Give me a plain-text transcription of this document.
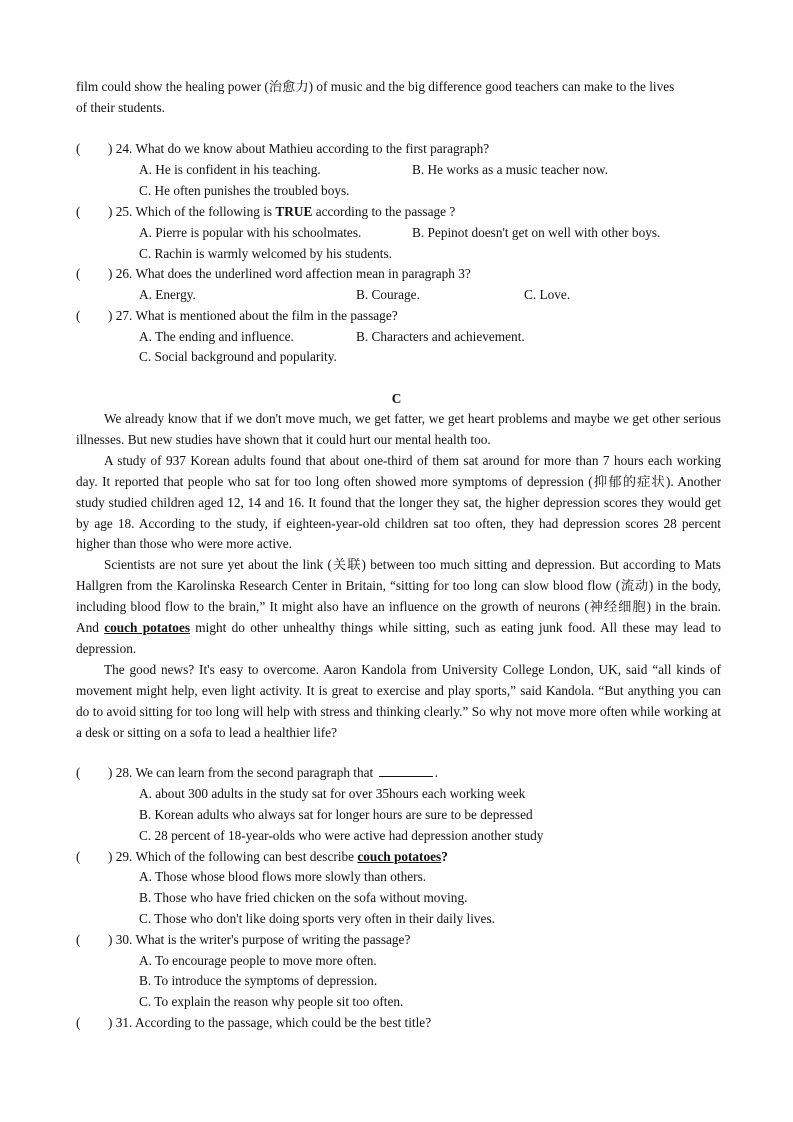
film could show the healing power (治愈力) of music and the big difference good teachers can make to the lives
of their students.
( ) 24. What do we know about Mathieu according to the first paragraph?
A. He is confident in his teaching.	B. He works as a music teacher now.
C. He often punishes the troubled boys.
( ) 25. Which of the following is TRUE according to the passage ?
A. Pierre is popular with his schoolmates.	B. Pepinot doesn't get on well with other boys.
C. Rachin is warmly welcomed by his students.
( ) 26. What does the underlined word affection mean in paragraph 3?
A. Energy.	B. Courage.	C. Love.
( ) 27. What is mentioned about the film in the passage?
A. The ending and influence.	B. Characters and achievement.
C. Social background and popularity.
C

We already know that if we don't move much, we get fatter, we get heart problems and maybe we get other serious illnesses. But new studies have shown that it could hurt our mental health too.

A study of 937 Korean adults found that about one-third of them sat around for more than 7 hours each working day. It reported that people who sat for too long often showed more symptoms of depression (抑郁的症状). Another study studied children aged 12, 14 and 16. It found that the longer they sat, the higher depression scores they would get by age 18. According to the study, if eighteen-year-old children sat too often, they had depression scores 28 percent higher than those who were more active.

Scientists are not sure yet about the link (关联) between too much sitting and depression. But according to Mats Hallgren from the Karolinska Research Center in Britain, “sitting for too long can slow blood flow (流动) in the body, including blood flow to the brain,” It might also have an influence on the growth of neurons (神经细胞) in the brain. And couch potatoes might do other unhealthy things while sitting, such as eating junk food. All these may lead to depression.

The good news? It's easy to overcome. Aaron Kandola from University College London, UK, said “all kinds of movement might help, even light activity. It is great to exercise and play sports,” said Kandola. “But anything you can do to avoid sitting for too long will help with stress and thinking clearly.” So why not move more often while working at a desk or sitting on a sofa to lead a healthier life?

( ) 28. We can learn from the second paragraph that	.
A. about 300 adults in the study sat for over 35hours each working week
B. Korean adults who always sat for longer hours are sure to be depressed
C. 28 percent of 18-year-olds who were active had depression another study
( ) 29. Which of the following can best describe couch potatoes?
A. Those whose blood flows more slowly than others.
B. Those who have fried chicken on the sofa without moving.
C. Those who don't like doing sports very often in their daily lives.
( ) 30. What is the writer's purpose of writing the passage?
A. To encourage people to move more often.
B. To introduce the symptoms of depression.
C. To explain the reason why people sit too often.
( ) 31. According to the passage, which could be the best title?
